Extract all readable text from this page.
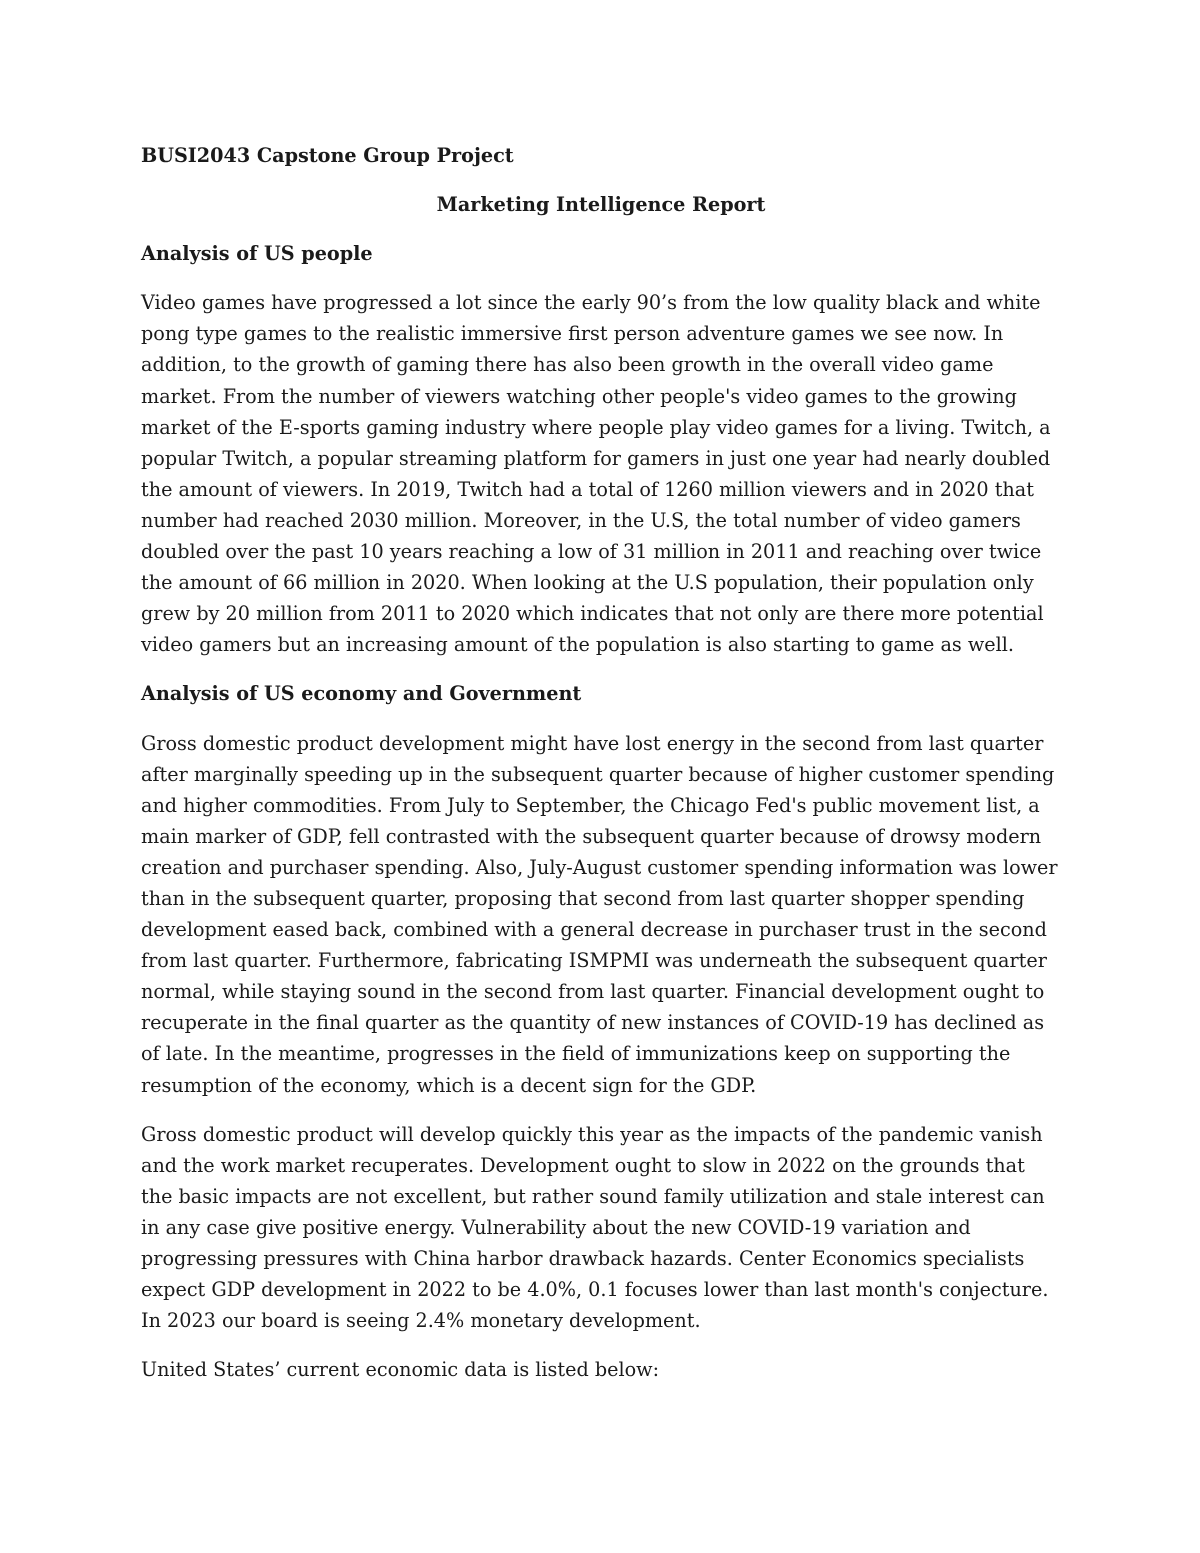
BUSI2043 Capstone Group Project

Marketing Intelligence Report

Analysis of US people

Video games have progressed a lot since the early 90’s from the low quality black and white pong type games to the realistic immersive first person adventure games we see now. In addition, to the growth of gaming there has also been growth in the overall video game market. From the number of viewers watching other people's video games to the growing market of the E-sports gaming industry where people play video games for a living. Twitch, a popular Twitch, a popular streaming platform for gamers in just one year had nearly doubled the amount of viewers. In 2019, Twitch had a total of 1260 million viewers and in 2020 that number had reached 2030 million. Moreover, in the U.S, the total number of video gamers doubled over the past 10 years reaching a low of 31 million in 2011 and reaching over twice the amount of 66 million in 2020. When looking at the U.S population, their population only grew by 20 million from 2011 to 2020 which indicates that not only are there more potential video gamers but an increasing amount of the population is also starting to game as well.

Analysis of US economy and Government

Gross domestic product development might have lost energy in the second from last quarter after marginally speeding up in the subsequent quarter because of higher customer spending and higher commodities. From July to September, the Chicago Fed's public movement list, a main marker of GDP, fell contrasted with the subsequent quarter because of drowsy modern creation and purchaser spending. Also, July-August customer spending information was lower than in the subsequent quarter, proposing that second from last quarter shopper spending development eased back, combined with a general decrease in purchaser trust in the second from last quarter. Furthermore, fabricating ISMPMI was underneath the subsequent quarter normal, while staying sound in the second from last quarter. Financial development ought to recuperate in the final quarter as the quantity of new instances of COVID-19 has declined as of late. In the meantime, progresses in the field of immunizations keep on supporting the resumption of the economy, which is a decent sign for the GDP.

Gross domestic product will develop quickly this year as the impacts of the pandemic vanish and the work market recuperates. Development ought to slow in 2022 on the grounds that the basic impacts are not excellent, but rather sound family utilization and stale interest can in any case give positive energy. Vulnerability about the new COVID-19 variation and progressing pressures with China harbor drawback hazards. Center Economics specialists expect GDP development in 2022 to be 4.0%, 0.1 focuses lower than last month's conjecture. In 2023 our board is seeing 2.4% monetary development.

United States’ current economic data is listed below:
